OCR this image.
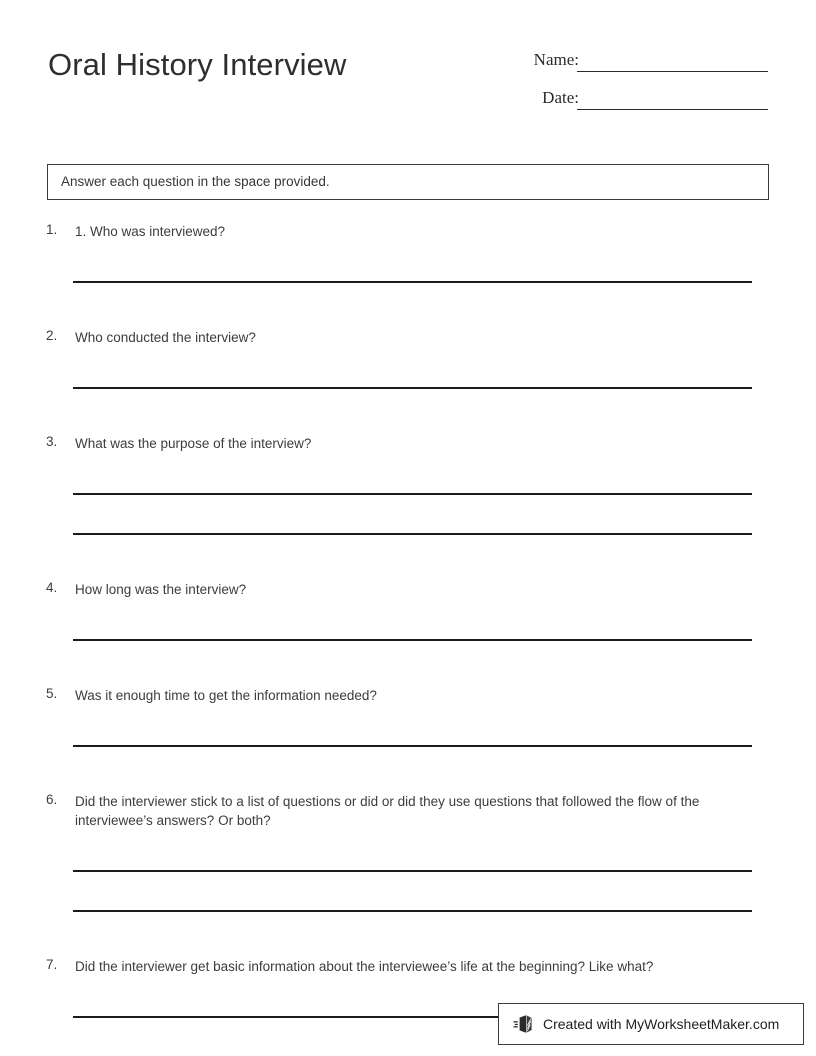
Oral History Interview	Name:
Date:
Answer each question in the space provided.
1.	1. Who was interviewed?
2.	Who conducted the interview?
3.	What was the purpose of the interview?
4.	How long was the interview?
5.	Was it enough time to get the information needed?
6.	Did the interviewer stick to a list of questions or did or did they use questions that followed the flow of the interviewee’s answers? Or both?
7.	Did the interviewer get basic information about the interviewee’s life at the beginning? Like what?
Created with MyWorksheetMaker.com
